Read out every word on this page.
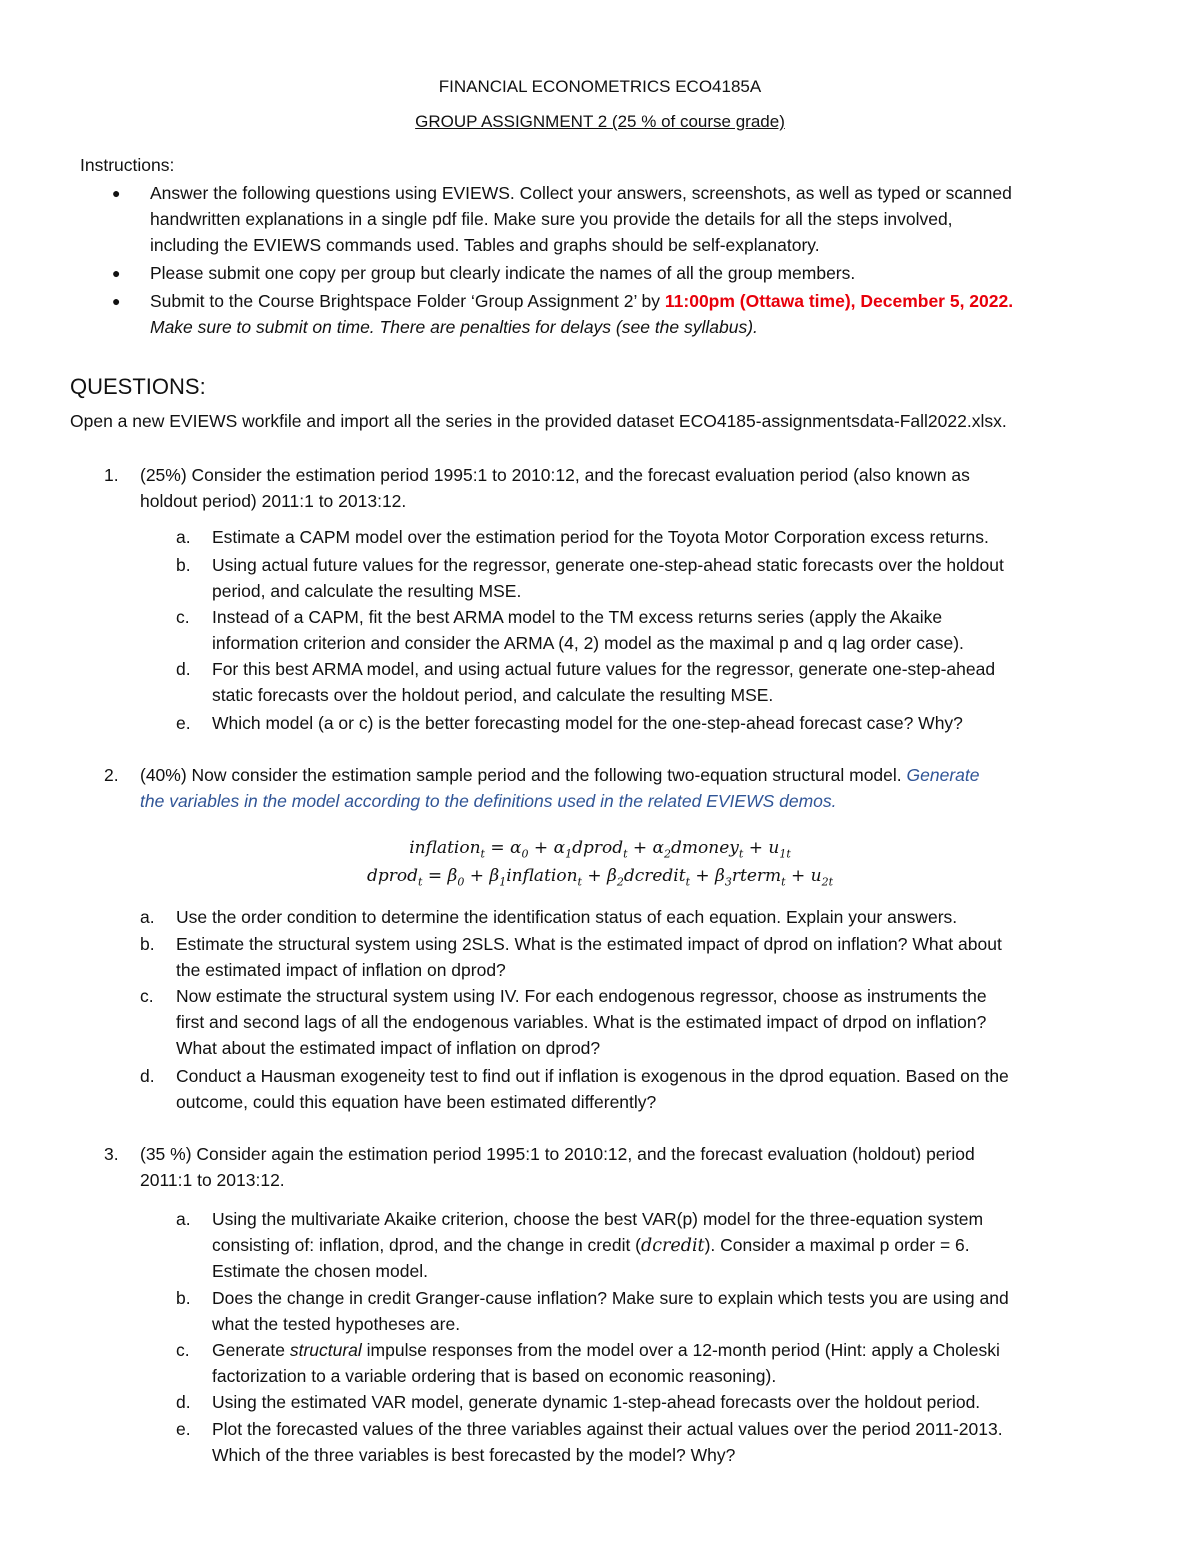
FINANCIAL ECONOMETRICS ECO4185A
GROUP ASSIGNMENT 2 (25 % of course grade)
Instructions:
● Answer the following questions using EVIEWS. Collect your answers, screenshots, as well as typed or scanned
handwritten explanations in a single pdf file. Make sure you provide the details for all the steps involved,
including the EVIEWS commands used. Tables and graphs should be self-explanatory.
● Please submit one copy per group but clearly indicate the names of all the group members.
● Submit to the Course Brightspace Folder ‘Group Assignment 2’ by 11:00pm (Ottawa time), December 5, 2022.
Make sure to submit on time. There are penalties for delays (see the syllabus).
QUESTIONS:
Open a new EVIEWS workfile and import all the series in the provided dataset ECO4185-assignmentsdata-Fall2022.xlsx.
1. (25%) Consider the estimation period 1995:1 to 2010:12, and the forecast evaluation period (also known as
holdout period) 2011:1 to 2013:12.
a. Estimate a CAPM model over the estimation period for the Toyota Motor Corporation excess returns.
b. Using actual future values for the regressor, generate one-step-ahead static forecasts over the holdout
period, and calculate the resulting MSE.
c. Instead of a CAPM, fit the best ARMA model to the TM excess returns series (apply the Akaike
information criterion and consider the ARMA (4, 2) model as the maximal p and q lag order case).
d. For this best ARMA model, and using actual future values for the regressor, generate one-step-ahead
static forecasts over the holdout period, and calculate the resulting MSE.
e. Which model (a or c) is the better forecasting model for the one-step-ahead forecast case? Why?
2. (40%) Now consider the estimation sample period and the following two-equation structural model. Generate
the variables in the model according to the definitions used in the related EVIEWS demos.
inflation$_t$ = $\alpha_0$ + $\alpha_1dprod_t$ + $\alpha_2dmoney_t + u_{1t}$
dprod$_t$ = $\beta_0$ + $\beta_1inflation_t$ + $\beta_2dcredit_t$ + $\beta_3rterm_t + u_{2t}$
a. Use the order condition to determine the identification status of each equation. Explain your answers.
b. Estimate the structural system using 2SLS. What is the estimated impact of dprod on inflation? What about
the estimated impact of inflation on dprod?
c. Now estimate the structural system using IV. For each endogenous regressor, choose as instruments the
first and second lags of all the endogenous variables. What is the estimated impact of drpod on inflation?
What about the estimated impact of inflation on dprod?
d. Conduct a Hausman exogeneity test to find out if inflation is exogenous in the dprod equation. Based on the
outcome, could this equation have been estimated differently?
3. (35 %) Consider again the estimation period 1995:1 to 2010:12, and the forecast evaluation (holdout) period
2011:1 to 2013:12.
a. Using the multivariate Akaike criterion, choose the best VAR(p) model for the three-equation system
consisting of: inflation, dprod, and the change in credit (dcredit). Consider a maximal p order = 6.
Estimate the chosen model.
b. Does the change in credit Granger-cause inflation? Make sure to explain which tests you are using and
what the tested hypotheses are.
c. Generate structural impulse responses from the model over a 12-month period (Hint: apply a Choleski
factorization to a variable ordering that is based on economic reasoning).
d. Using the estimated VAR model, generate dynamic 1-step-ahead forecasts over the holdout period.
e. Plot the forecasted values of the three variables against their actual values over the period 2011-2013.
Which of the three variables is best forecasted by the model? Why?
